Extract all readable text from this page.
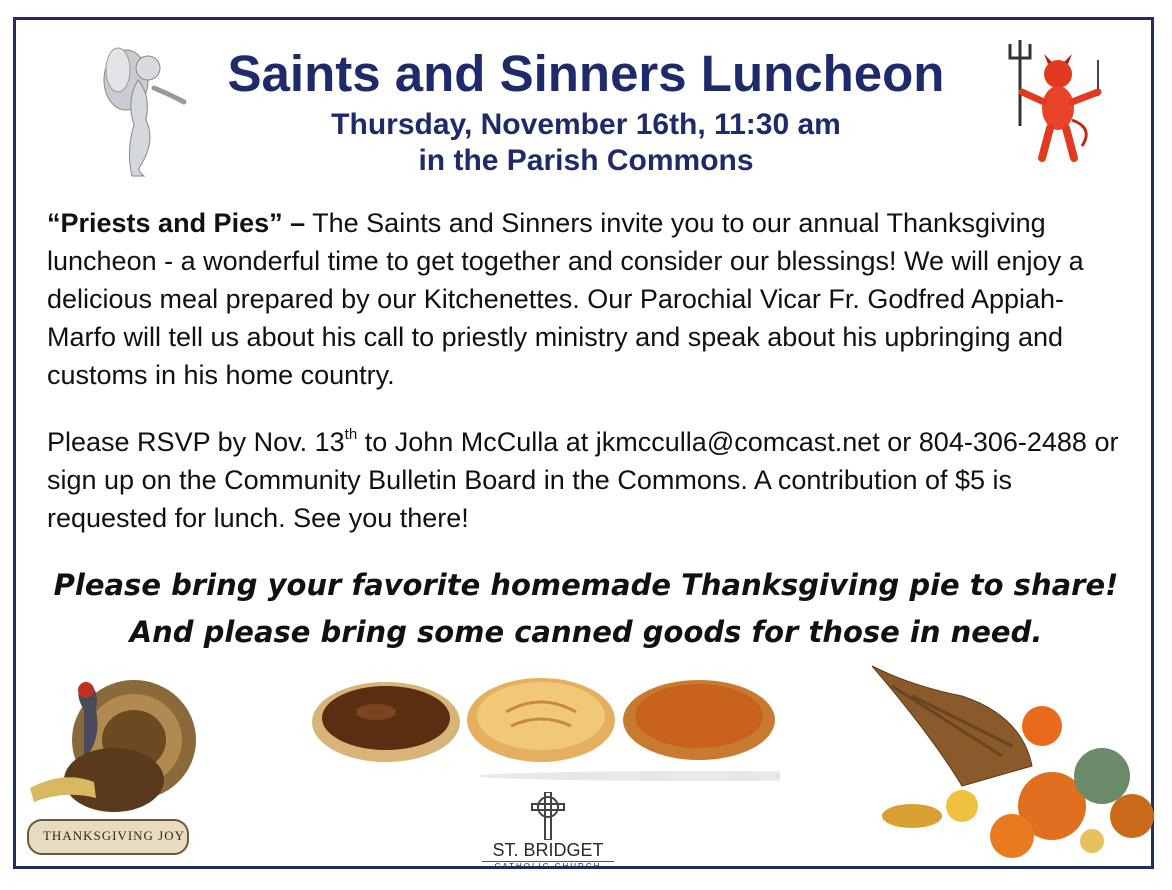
Saints and Sinners Luncheon
Thursday, November 16th, 11:30 am
in the Parish Commons

“Priests and Pies” – The Saints and Sinners invite you to our annual Thanksgiving luncheon - a wonderful time to get together and consider our blessings! We will enjoy a delicious meal prepared by our Kitchenettes. Our Parochial Vicar Fr. Godfred Appiah-Marfo will tell us about his call to priestly ministry and speak about his upbringing and customs in his home country.

Please RSVP by Nov. 13th to John McCulla at jkmcculla@comcast.net or 804-306-2488 or sign up on the Community Bulletin Board in the Commons. A contribution of $5 is requested for lunch. See you there!

Please bring your favorite homemade Thanksgiving pie to share!

And please bring some canned goods for those in need.

THANKSGIVING JOY
ST. BRIDGET
CATHOLIC CHURCH
